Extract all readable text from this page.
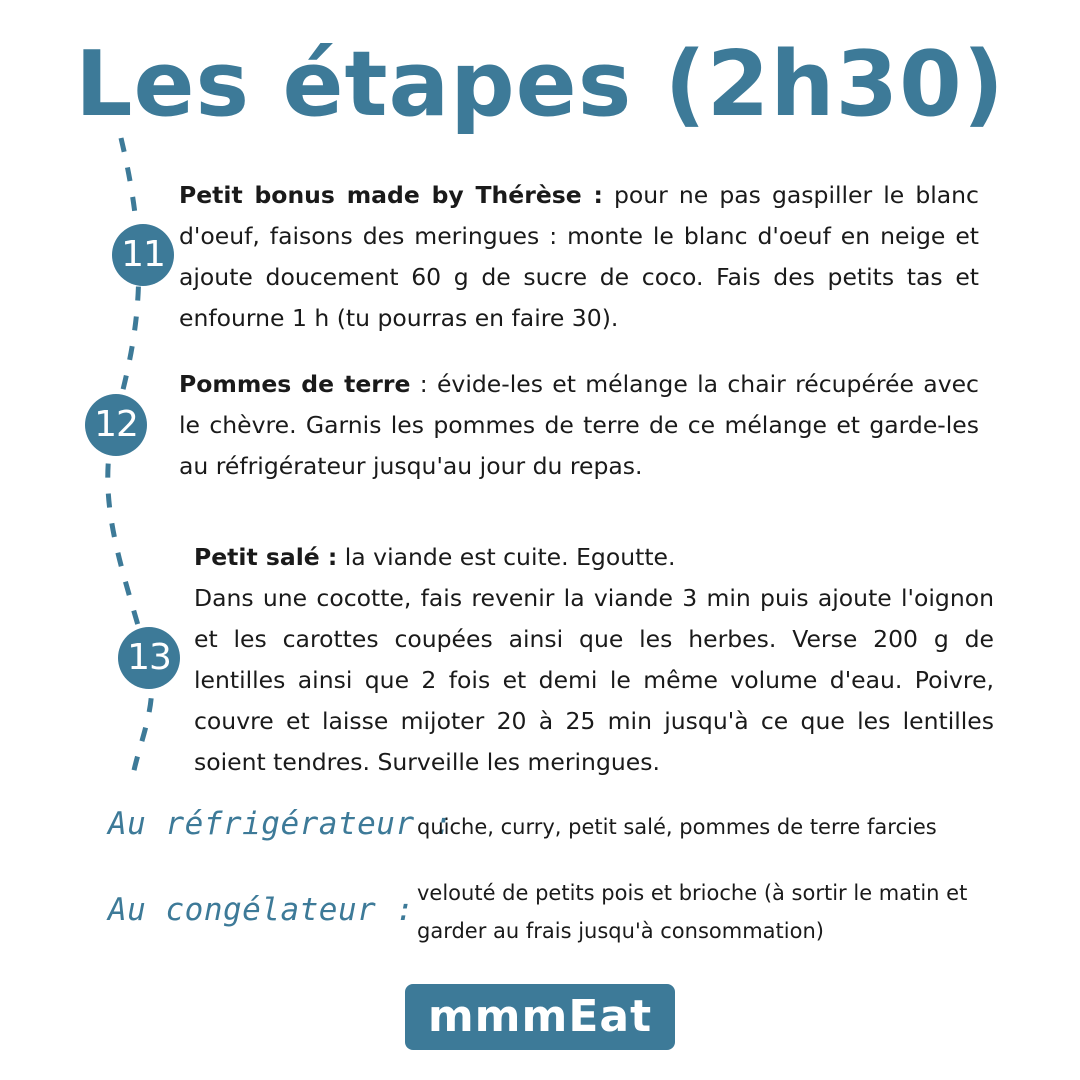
Les étapes (2h30)
11
12
13

Petit bonus made by Thérèse : pour ne pas gaspiller le blanc d'oeuf, faisons des meringues : monte le blanc d'oeuf en neige et ajoute doucement 60 g de sucre de coco. Fais des petits tas et enfourne 1 h (tu pourras en faire 30).

Pommes de terre : évide-les et mélange la chair récupérée avec le chèvre. Garnis les pommes de terre de ce mélange et garde-les au réfrigérateur jusqu'au jour du repas.

Petit salé : la viande est cuite. Egoutte.

Dans une cocotte, fais revenir la viande 3 min puis ajoute l'oignon et les carottes coupées ainsi que les herbes. Verse 200 g de lentilles ainsi que 2 fois et demi le même volume d'eau. Poivre, couvre et laisse mijoter 20 à 25 min jusqu'à ce que les lentilles soient tendres. Surveille les meringues.

Au réfrigérateur :
quiche, curry, petit salé, pommes de terre farcies
Au congélateur : velouté de petits pois et brioche (à sortir le matin et garder au frais jusqu'à consommation)
mmmEat
